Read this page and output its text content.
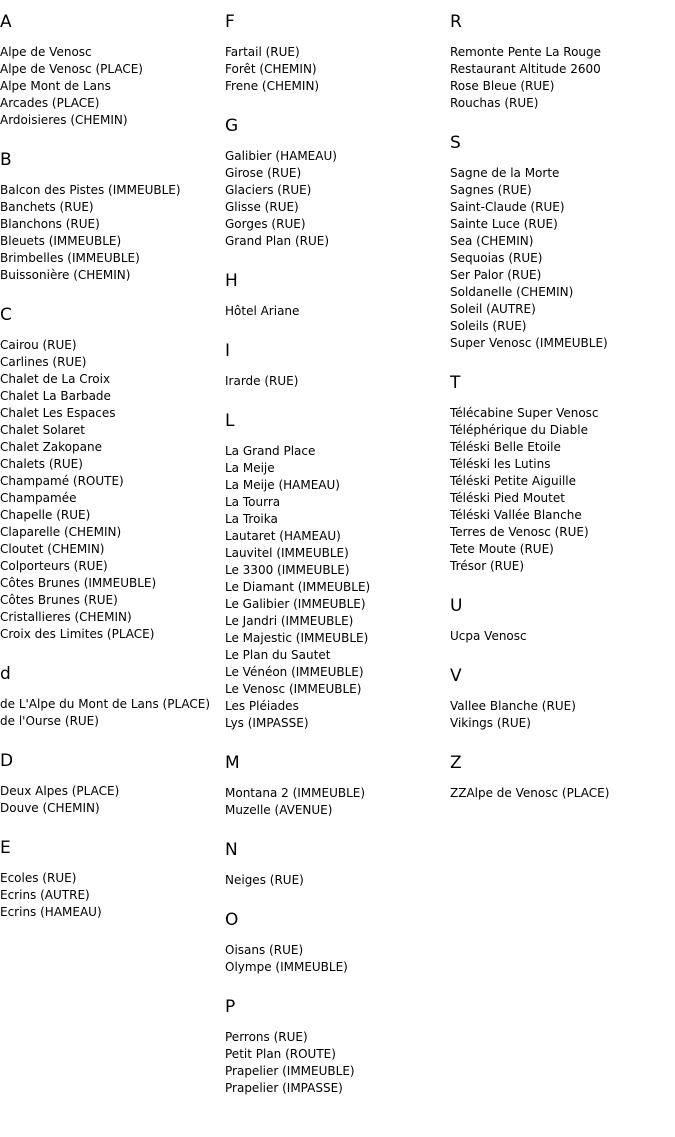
A
Alpe de Venosc
Alpe de Venosc (PLACE)
Alpe Mont de Lans
Arcades (PLACE)
Ardoisieres (CHEMIN)
B
Balcon des Pistes (IMMEUBLE)
Banchets (RUE)
Blanchons (RUE)
Bleuets (IMMEUBLE)
Brimbelles (IMMEUBLE)
Buissonière (CHEMIN)
C
Cairou (RUE)
Carlines (RUE)
Chalet de La Croix
Chalet La Barbade
Chalet Les Espaces
Chalet Solaret
Chalet Zakopane
Chalets (RUE)
Champamé (ROUTE)
Champamée
Chapelle (RUE)
Claparelle (CHEMIN)
Cloutet (CHEMIN)
Colporteurs (RUE)
Côtes Brunes (IMMEUBLE)
Côtes Brunes (RUE)
Cristallieres (CHEMIN)
Croix des Limites (PLACE)
d
de L'Alpe du Mont de Lans (PLACE)
de l'Ourse (RUE)
D
Deux Alpes (PLACE)
Douve (CHEMIN)
E
Ecoles (RUE)
Ecrins (AUTRE)
Ecrins (HAMEAU)
F
Fartail (RUE)
Forêt (CHEMIN)
Frene (CHEMIN)
G
Galibier (HAMEAU)
Girose (RUE)
Glaciers (RUE)
Glisse (RUE)
Gorges (RUE)
Grand Plan (RUE)
H
Hôtel Ariane
I
Irarde (RUE)
L
La Grand Place
La Meije
La Meije (HAMEAU)
La Tourra
La Troika
Lautaret (HAMEAU)
Lauvitel (IMMEUBLE)
Le 3300 (IMMEUBLE)
Le Diamant (IMMEUBLE)
Le Galibier (IMMEUBLE)
Le Jandri (IMMEUBLE)
Le Majestic (IMMEUBLE)
Le Plan du Sautet
Le Vénéon (IMMEUBLE)
Le Venosc (IMMEUBLE)
Les Pléiades
Lys (IMPASSE)
M
Montana 2 (IMMEUBLE)
Muzelle (AVENUE)
N
Neiges (RUE)
O
Oisans (RUE)
Olympe (IMMEUBLE)
P
Perrons (RUE)
Petit Plan (ROUTE)
Prapelier (IMMEUBLE)
Prapelier (IMPASSE)
R
Remonte Pente La Rouge
Restaurant Altitude 2600
Rose Bleue (RUE)
Rouchas (RUE)
S
Sagne de la Morte
Sagnes (RUE)
Saint-Claude (RUE)
Sainte Luce (RUE)
Sea (CHEMIN)
Sequoias (RUE)
Ser Palor (RUE)
Soldanelle (CHEMIN)
Soleil (AUTRE)
Soleils (RUE)
Super Venosc (IMMEUBLE)
T
Télécabine Super Venosc
Téléphérique du Diable
Téléski Belle Etoile
Téléski les Lutins
Téléski Petite Aiguille
Téléski Pied Moutet
Téléski Vallée Blanche
Terres de Venosc (RUE)
Tete Moute (RUE)
Trésor (RUE)
U
Ucpa Venosc
V
Vallee Blanche (RUE)
Vikings (RUE)
Z
ZZAlpe de Venosc (PLACE)
